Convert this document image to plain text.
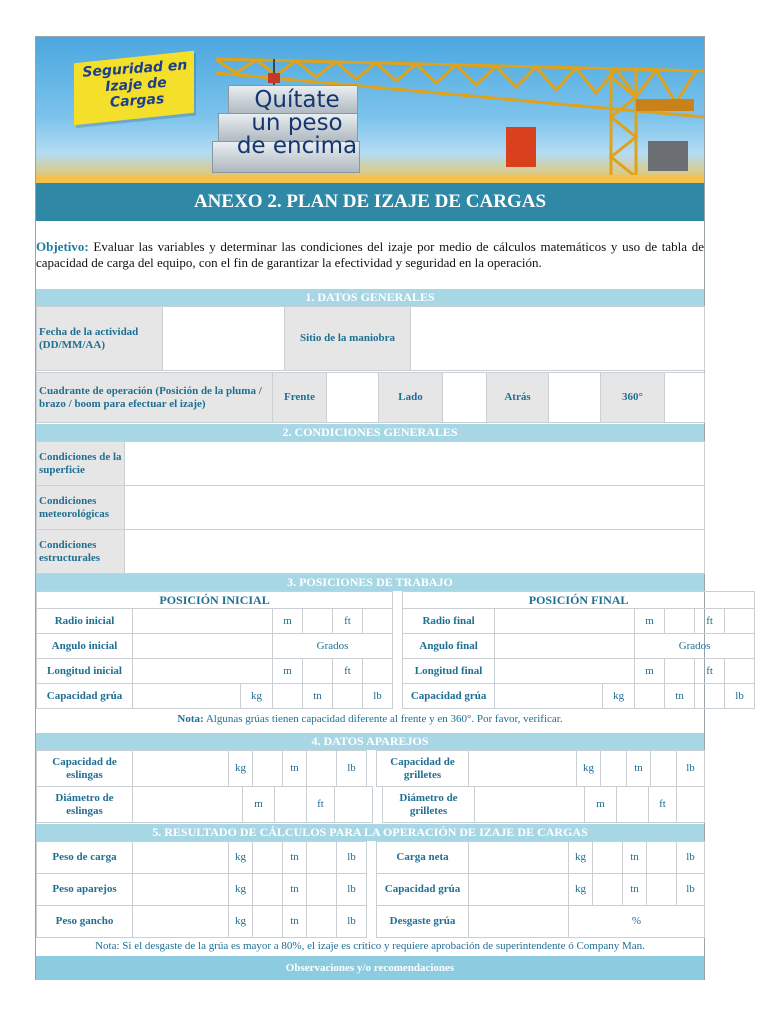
Seguridad en Izaje de Cargas	Quítate
un peso
de encima
ANEXO 2. PLAN DE IZAJE DE CARGAS
Objetivo: Evaluar las variables y determinar las condiciones del izaje por medio de cálculos matemáticos y uso de tabla de capacidad de carga del equipo, con el fin de garantizar la efectividad y seguridad en la operación.
1. DATOS GENERALES
Fecha de la actividad (DD/MM/AA)		Sitio de la maniobra	
Cuadrante de operación (Posición de la pluma / brazo / boom para efectuar el izaje)	Frente		Lado		Atrás		360°	
2. CONDICIONES GENERALES
Condiciones de la superficie	
Condiciones meteorológicas	
Condiciones estructurales	
3. POSICIONES DE TRABAJO
POSICIÓN INICIAL								POSICIÓN FINAL						
Radio inicial			m		ft			Radio final			m		ft	
Angulo inicial			Grados					Angulo final			Grados			
Longitud inicial			m		ft			Longitud final			m		ft	
Capacidad grúa		kg		tn		lb		Capacidad grúa		kg		tn		lb
Nota: Algunas grúas tienen capacidad diferente al frente y en 360°. Por favor, verificar.
4. DATOS APAREJOS
Capacidad de eslingas		kg		tn		lb		Capacidad de grilletes		kg		tn		lb
Diámetro de eslingas		m		ft			Diámetro de grilletes		m		ft	
5. RESULTADO DE CÁLCULOS PARA LA OPERACIÓN DE IZAJE DE CARGAS
Peso de carga		kg		tn		lb		Carga neta		kg		tn		lb
Peso aparejos		kg		tn		lb		Capacidad grúa		kg		tn		lb
Peso gancho		kg		tn		lb		Desgaste grúa		%				
Nota: Si el desgaste de la grúa es mayor a 80%, el izaje es crítico y requiere aprobación de superintendente ó Company Man.
Observaciones y/o recomendaciones
